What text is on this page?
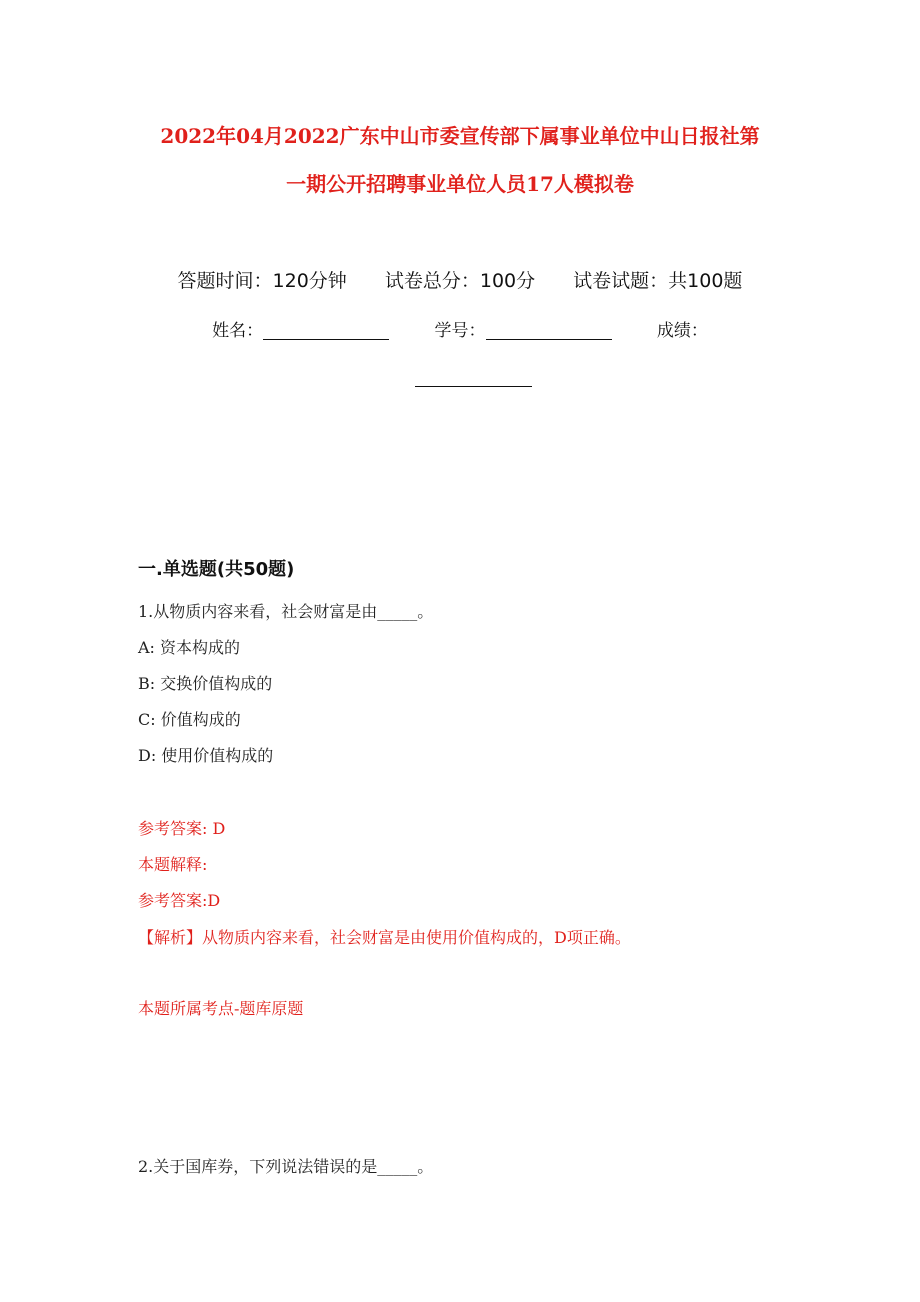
2022年04月2022广东中山市委宣传部下属事业单位中山日报社第
一期公开招聘事业单位人员17人模拟卷
答题时间：120分钟 试卷总分：100分 试卷试题：共100题
姓名：	学号：	成绩：
一.单选题(共50题)
1.从物质内容来看，社会财富是由_____。
A: 资本构成的
B: 交换价值构成的
C: 价值构成的
D: 使用价值构成的
参考答案: D
本题解释:
参考答案:D
【解析】从物质内容来看，社会财富是由使用价值构成的，D项正确。
本题所属考点-题库原题
2.关于国库券，下列说法错误的是_____。
